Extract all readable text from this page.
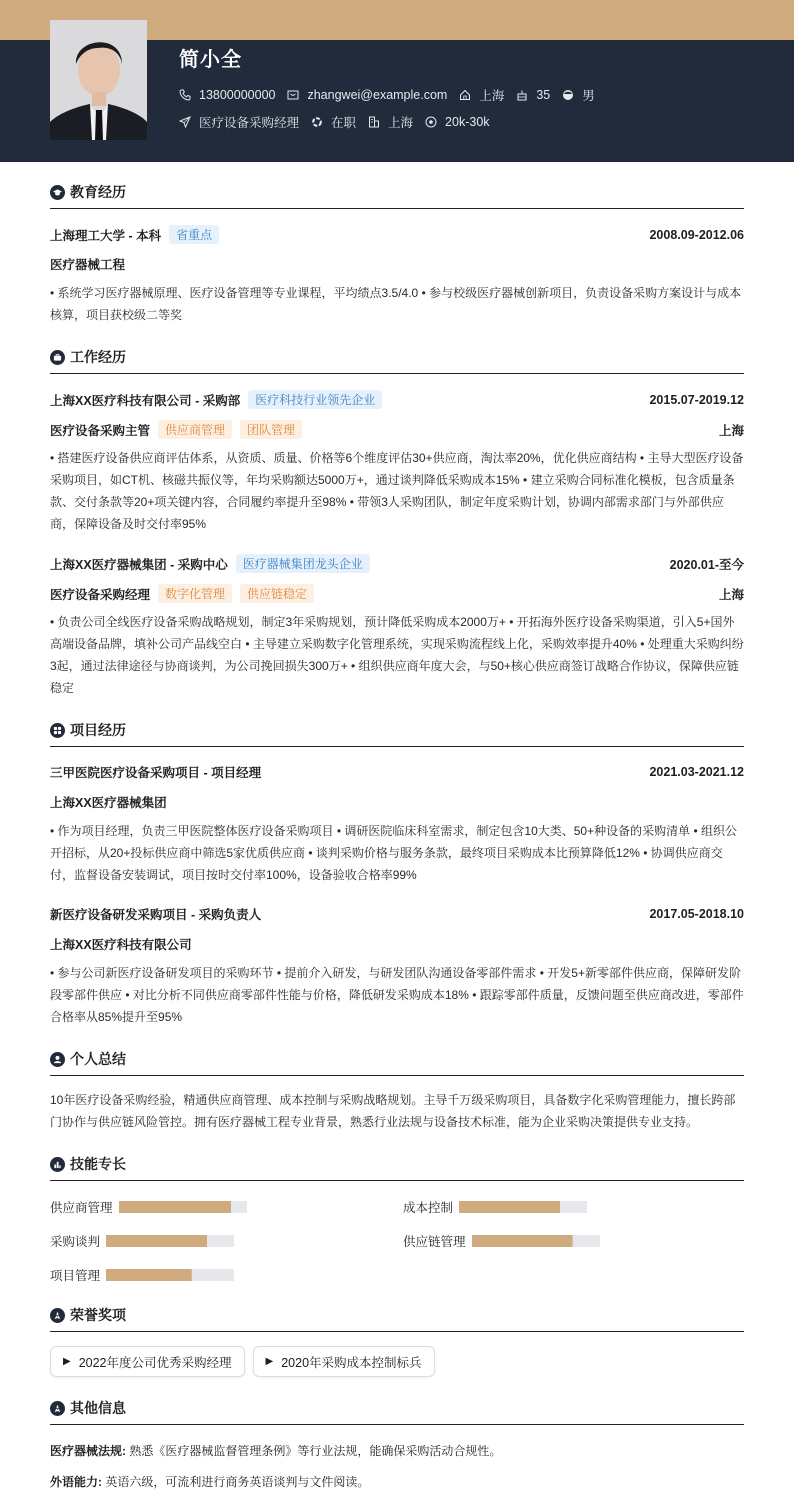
简小全
13800000000	zhangwei@example.com	上海	35	男
医疗设备采购经理	在职	上海	20k-30k
教育经历
上海理工大学 - 本科	省重点	2008.09-2012.06
医疗器械工程
• 系统学习医疗器械原理、医疗设备管理等专业课程，平均绩点3.5/4.0 • 参与校级医疗器械创新项目，负责设备采购方案设计与成本核算，项目获校级二等奖
工作经历
上海XX医疗科技有限公司 - 采购部	医疗科技行业领先企业	2015.07-2019.12
医疗设备采购主管	供应商管理	团队管理	上海
• 搭建医疗设备供应商评估体系，从资质、质量、价格等6个维度评估30+供应商，淘汰率20%，优化供应商结构 • 主导大型医疗设备采购项目，如CT机、核磁共振仪等，年均采购额达5000万+，通过谈判降低采购成本15% • 建立采购合同标准化模板，包含质量条款、交付条款等20+项关键内容，合同履约率提升至98% • 带领3人采购团队，制定年度采购计划，协调内部需求部门与外部供应商，保障设备及时交付率95%
上海XX医疗器械集团 - 采购中心	医疗器械集团龙头企业	2020.01-至今
医疗设备采购经理	数字化管理	供应链稳定	上海
• 负责公司全线医疗设备采购战略规划，制定3年采购规划，预计降低采购成本2000万+ • 开拓海外医疗设备采购渠道，引入5+国外高端设备品牌，填补公司产品线空白 • 主导建立采购数字化管理系统，实现采购流程线上化，采购效率提升40% • 处理重大采购纠纷3起，通过法律途径与协商谈判，为公司挽回损失300万+ • 组织供应商年度大会，与50+核心供应商签订战略合作协议，保障供应链稳定
项目经历
三甲医院医疗设备采购项目 - 项目经理	2021.03-2021.12
上海XX医疗器械集团
• 作为项目经理，负责三甲医院整体医疗设备采购项目 • 调研医院临床科室需求，制定包含10大类、50+种设备的采购清单 • 组织公开招标，从20+投标供应商中筛选5家优质供应商 • 谈判采购价格与服务条款，最终项目采购成本比预算降低12% • 协调供应商交付，监督设备安装调试，项目按时交付率100%，设备验收合格率99%
新医疗设备研发采购项目 - 采购负责人	2017.05-2018.10
上海XX医疗科技有限公司
• 参与公司新医疗设备研发项目的采购环节 • 提前介入研发，与研发团队沟通设备零部件需求 • 开发5+新零部件供应商，保障研发阶段零部件供应 • 对比分析不同供应商零部件性能与价格，降低研发采购成本18% • 跟踪零部件质量，反馈问题至供应商改进，零部件合格率从85%提升至95%
个人总结
10年医疗设备采购经验，精通供应商管理、成本控制与采购战略规划。主导千万级采购项目，具备数字化采购管理能力，擅长跨部门协作与供应链风险管控。拥有医疗器械工程专业背景，熟悉行业法规与设备技术标准，能为企业采购决策提供专业支持。
技能专长
供应商管理	成本控制
采购谈判	供应链管理
项目管理
荣誉奖项
▶ 2022年度公司优秀采购经理	▶ 2020年采购成本控制标兵
其他信息
医疗器械法规: 熟悉《医疗器械监督管理条例》等行业法规，能确保采购活动合规性。
外语能力: 英语六级，可流利进行商务英语谈判与文件阅读。
